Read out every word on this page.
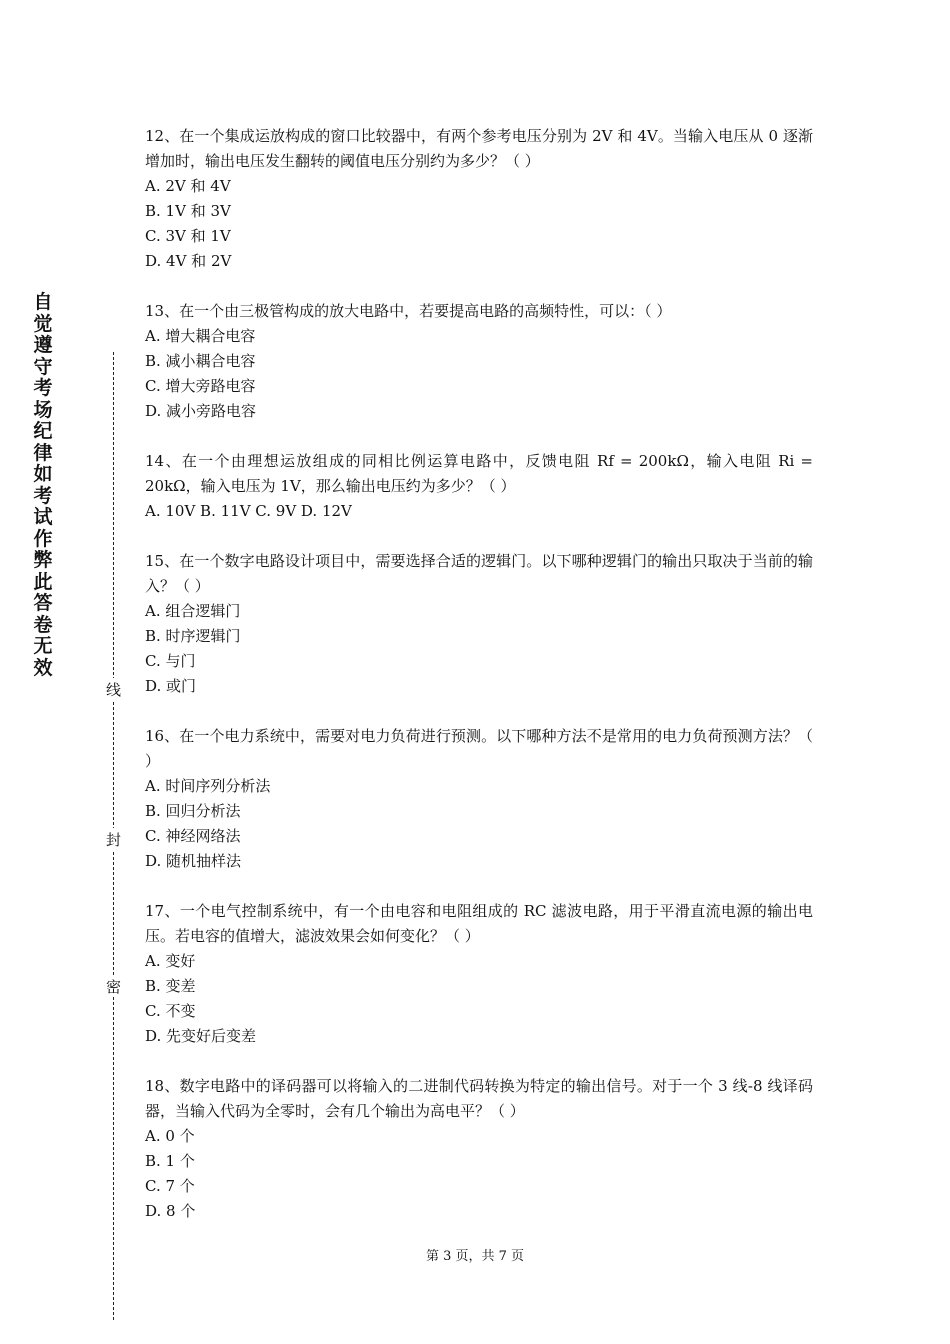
自觉遵守考场纪律如考试作弊此答卷无效
线
封
密
12、在一个集成运放构成的窗口比较器中，有两个参考电压分别为 2V 和 4V。当输入电压从 0 逐渐增加时，输出电压发生翻转的阈值电压分别约为多少？（ ）
A. 2V 和 4V
B. 1V 和 3V
C. 3V 和 1V
D. 4V 和 2V
13、在一个由三极管构成的放大电路中，若要提高电路的高频特性，可以：（ ）
A. 增大耦合电容
B. 减小耦合电容
C. 增大旁路电容
D. 减小旁路电容
14、在一个由理想运放组成的同相比例运算电路中，反馈电阻 Rf = 200kΩ，输入电阻 Ri = 20kΩ，输入电压为 1V，那么输出电压约为多少？（ ）
A. 10V B. 11V C. 9V D. 12V
15、在一个数字电路设计项目中，需要选择合适的逻辑门。以下哪种逻辑门的输出只取决于当前的输入？（ ）
A. 组合逻辑门
B. 时序逻辑门
C. 与门
D. 或门
16、在一个电力系统中，需要对电力负荷进行预测。以下哪种方法不是常用的电力负荷预测方法？（ ）
A. 时间序列分析法
B. 回归分析法
C. 神经网络法
D. 随机抽样法
17、一个电气控制系统中，有一个由电容和电阻组成的 RC 滤波电路，用于平滑直流电源的输出电压。若电容的值增大，滤波效果会如何变化？（ ）
A. 变好
B. 变差
C. 不变
D. 先变好后变差
18、数字电路中的译码器可以将输入的二进制代码转换为特定的输出信号。对于一个 3 线-8 线译码器，当输入代码为全零时，会有几个输出为高电平？（ ）
A. 0 个
B. 1 个
C. 7 个
D. 8 个
第 3 页，共 7 页
